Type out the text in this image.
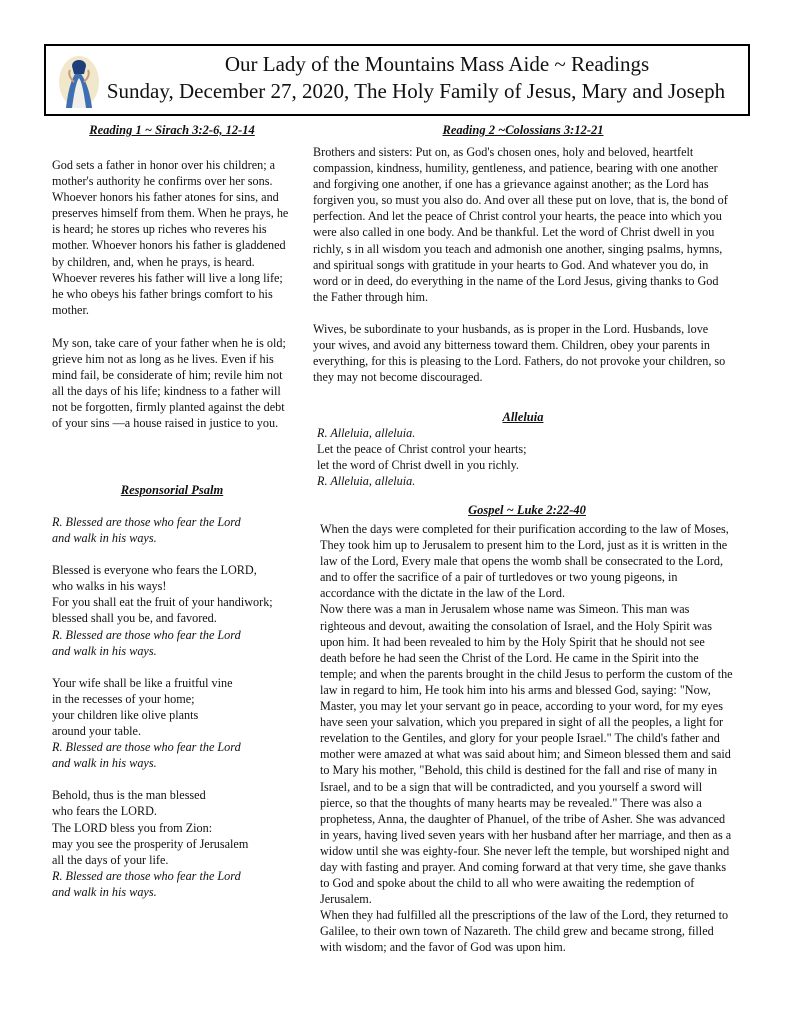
Our Lady of the Mountains Mass Aide ~ Readings
Sunday, December 27, 2020, The Holy Family of Jesus, Mary and Joseph
Reading 1 ~ Sirach 3:2-6, 12-14

God sets a father in honor over his children; a mother's authority he confirms over her sons. Whoever honors his father atones for sins, and preserves himself from them. When he prays, he is heard; he stores up riches who reveres his mother. Whoever honors his father is gladdened by children, and, when he prays, is heard. Whoever reveres his father will live a long life; he who obeys his father brings comfort to his mother.

My son, take care of your father when he is old; grieve him not as long as he lives. Even if his mind fail, be considerate of him; revile him not all the days of his life; kindness to a father will not be forgotten, firmly planted against the debt of your sins —a house raised in justice to you.

Responsorial Psalm
R. Blessed are those who fear the Lord
and walk in his ways.
Blessed is everyone who fears the LORD,
who walks in his ways!
For you shall eat the fruit of your handiwork;
blessed shall you be, and favored.
R. Blessed are those who fear the Lord
and walk in his ways.
Your wife shall be like a fruitful vine
in the recesses of your home;
your children like olive plants
around your table.
R. Blessed are those who fear the Lord
and walk in his ways.
Behold, thus is the man blessed
who fears the LORD.
The LORD bless you from Zion:
may you see the prosperity of Jerusalem
all the days of your life.
R. Blessed are those who fear the Lord
and walk in his ways.
Reading 2 ~Colossians 3:12-21

Brothers and sisters: Put on, as God's chosen ones, holy and beloved, heartfelt compassion, kindness, humility, gentleness, and patience, bearing with one another and forgiving one another, if one has a grievance against another; as the Lord has forgiven you, so must you also do. And over all these put on love, that is, the bond of perfection. And let the peace of Christ control your hearts, the peace into which you were also called in one body. And be thankful. Let the word of Christ dwell in you richly, s in all wisdom you teach and admonish one another, singing psalms, hymns, and spiritual songs with gratitude in your hearts to God. And whatever you do, in word or in deed, do everything in the name of the Lord Jesus, giving thanks to God the Father through him.

Wives, be subordinate to your husbands, as is proper in the Lord. Husbands, love your wives, and avoid any bitterness toward them. Children, obey your parents in everything, for this is pleasing to the Lord. Fathers, do not provoke your children, so they may not become discouraged.

Alleluia
R. Alleluia, alleluia.
Let the peace of Christ control your hearts;
let the word of Christ dwell in you richly.
R. Alleluia, alleluia.
Gospel ~ Luke 2:22-40

When the days were completed for their purification according to the law of Moses, They took him up to Jerusalem to present him to the Lord, just as it is written in the law of the Lord, Every male that opens the womb shall be consecrated to the Lord, and to offer the sacrifice of a pair of turtledoves or two young pigeons, in accordance with the dictate in the law of the Lord.

Now there was a man in Jerusalem whose name was Simeon. This man was righteous and devout, awaiting the consolation of Israel, and the Holy Spirit was upon him. It had been revealed to him by the Holy Spirit that he should not see death before he had seen the Christ of the Lord. He came in the Spirit into the temple; and when the parents brought in the child Jesus to perform the custom of the law in regard to him, He took him into his arms and blessed God, saying: "Now, Master, you may let your servant go in peace, according to your word, for my eyes have seen your salvation, which you prepared in sight of all the peoples, a light for revelation to the Gentiles, and glory for your people Israel." The child's father and mother were amazed at what was said about him; and Simeon blessed them and said to Mary his mother, "Behold, this child is destined for the fall and rise of many in Israel, and to be a sign that will be contradicted, and you yourself a sword will pierce, so that the thoughts of many hearts may be revealed." There was also a prophetess, Anna, the daughter of Phanuel, of the tribe of Asher. She was advanced in years, having lived seven years with her husband after her marriage, and then as a widow until she was eighty-four. She never left the temple, but worshiped night and day with fasting and prayer. And coming forward at that very time, she gave thanks to God and spoke about the child to all who were awaiting the redemption of Jerusalem.

When they had fulfilled all the prescriptions of the law of the Lord, they returned to Galilee, to their own town of Nazareth. The child grew and became strong, filled with wisdom; and the favor of God was upon him.
